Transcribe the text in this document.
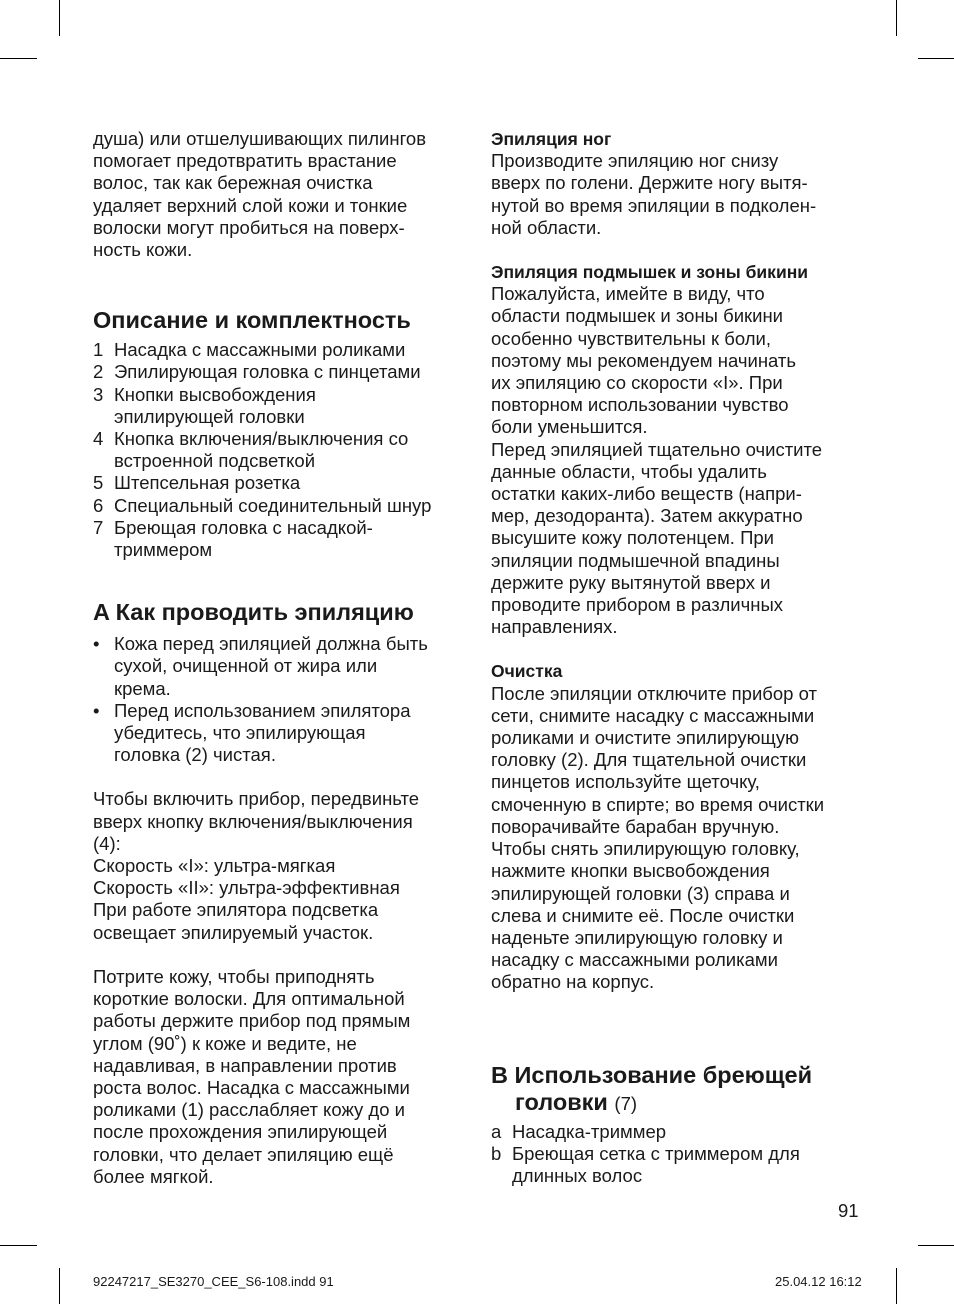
душа) или отшелушивающих пилингов
помогает предотвратить врастание
волос, так как бережная очистка
удаляет верхний слой кожи и тонкие
волоски могут пробиться на поверх-
ность кожи.

Описание и комплектность
1 Насадка с массажными роликами
2 Эпилирующая головка с пинцетами
3 Кнопки высвобождения
эпилирующей головки
4 Кнопка включения/выключения со
встроенной подсветкой
5 Штепсельная розетка
6 Специальный соединительный шнур
7 Бреющая головка с насадкой-
триммером
A Как проводить эпиляцию
• Кожа перед эпиляцией должна быть
сухой, очищенной от жира или
крема.
• Перед использованием эпилятора
убедитесь, что эпилирующая
головка (2) чистая.

Чтобы включить прибор, передвиньте
вверх кнопку включения/выключения
(4):
Скорость «I»: ультра-мягкая
Скорость «II»: ультра-эффективная
При работе эпилятора подсветка
освещает эпилируемый участок.

Потрите кожу, чтобы приподнять
короткие волоски. Для оптимальной
работы держите прибор под прямым
углом (90˚) к коже и ведите, не
надавливая, в направлении против
роста волос. Насадка с массажными
роликами (1) расслабляет кожу до и
после прохождения эпилирующей
головки, что делает эпиляцию ещё
более мягкой.

Эпиляция ног

Производите эпиляцию ног снизу
вверх по голени. Держите ногу вытя-
нутой во время эпиляции в подколен-
ной области.

Эпиляция подмышек и зоны бикини

Пожалуйста, имейте в виду, что
области подмышек и зоны бикини
особенно чувствительны к боли,
поэтому мы рекомендуем начинать
их эпиляцию со скорости «I». При
повторном использовании чувство
боли уменьшится.
Перед эпиляцией тщательно очистите
данные области, чтобы удалить
остатки каких-либо веществ (напри-
мер, дезодоранта). Затем аккуратно
высушите кожу полотенцем. При
эпиляции подмышечной впадины
держите руку вытянутой вверх и
проводите прибором в различных
направлениях.

Очистка

После эпиляции отключите прибор от
сети, снимите насадку с массажными
роликами и очистите эпилирующую
головку (2). Для тщательной очистки
пинцетов используйте щеточку,
смоченную в спирте; во время очистки
поворачивайте барабан вручную.
Чтобы снять эпилирующую головку,
нажмите кнопки высвобождения
эпилирующей головки (3) справа и
слева и снимите её. После очистки
наденьте эпилирующую головку и
насадку с массажными роликами
обратно на корпус.

B Использование бреющей
головки (7)
a Насадка-триммер
b Бреющая сетка с триммером для
длинных волос
91
92247217_SE3270_CEE_S6-108.indd 91	25.04.12 16:12
